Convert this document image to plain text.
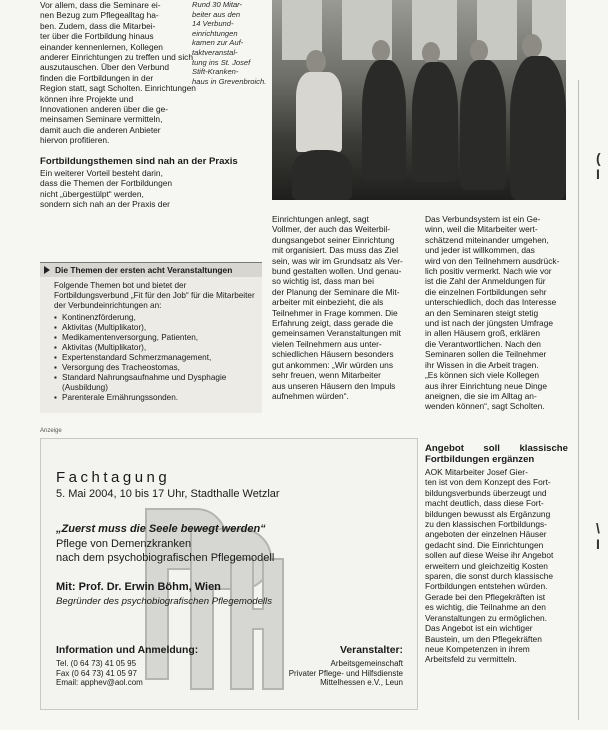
(
I
\
I
Vor allem, dass die Seminare ei-
nen Bezug zum Pflegealltag ha-
ben. Zudem, dass die Mitarbei-
ter über die Fortbildung hinaus
einander kennenlernen, Kollegen
anderer Einrichtungen zu treffen und sich
auszutauschen. Über den Verbund
finden die Fortbildungen in der
Region statt, sagt Scholten. Einrichtungen
können ihre Projekte und
Innovationen anderen über die ge-
meinsamen Seminare vermitteln,
damit auch die anderen Anbieter
hiervon profitieren.
Fortbildungsthemen sind nah an der Praxis
Ein weiterer Vorteil besteht darin,
dass die Themen der Fortbildungen
nicht „übergestülpt“ werden,
sondern sich nah an der Praxis der
Rund 30 Mitar-
beiter aus den
14 Verbund-
einrichtungen
kamen zur Auf-
taktveranstal-
tung ins St. Josef
Stift-Kranken-
haus in Grevenbroich.
Die Themen der ersten acht Veranstaltungen

Folgende Themen bot und bietet der Fortbildungsverbund „Fit für den Job“ für die Mitarbeiter der Verbundeinrichtungen an:

▪ Kontinenzförderung,
▪ Aktivitas (Multiplikator),
▪ Medikamentenversorgung, Patienten,
▪ Aktivitas (Multiplikator),
▪ Expertenstandard Schmerzmanagement,
▪ Versorgung des Tracheostomas,
▪ Standard Nahrungsaufnahme und Dysphagie (Ausbildung)
▪ Parenterale Ernährungssonden.
Einrichtungen anlegt, sagt
Vollmer, der auch das Weiterbil-
dungsangebot seiner Einrichtung
mit organisiert. Das muss das Ziel
sein, was wir im Grundsatz als Ver-
bund gestalten wollen. Und genau-
so wichtig ist, dass man bei
der Planung der Seminare die Mit-
arbeiter mit einbezieht, die als
Teilnehmer in Frage kommen. Die
Erfahrung zeigt, dass gerade die
gemeinsamen Veranstaltungen mit
vielen Teilnehmern aus unter-
schiedlichen Häusern besonders
gut ankommen: „Wir würden uns
sehr freuen, wenn Mitarbeiter
aus unseren Häusern den Impuls
aufnehmen würden“.
Das Verbundsystem ist ein Ge-
winn, weil die Mitarbeiter wert-
schätzend miteinander umgehen,
und jeder ist willkommen, das
wird von den Teilnehmern ausdrück-
lich positiv vermerkt. Nach wie vor
ist die Zahl der Anmeldungen für
die einzelnen Fortbildungen sehr
unterschiedlich, doch das Interesse
an den Seminaren steigt stetig
und ist nach der jüngsten Umfrage
in allen Häusern groß, erklären
die Verantwortlichen. Nach den
Seminaren sollen die Teilnehmer
ihr Wissen in die Arbeit tragen.
„Es können sich viele Kollegen
aus ihrer Einrichtung neue Dinge
aneignen, die sie im Alltag an-
wenden können“, sagt Scholten.
Angebot soll klassische Fortbildungen ergänzen
AOK Mitarbeiter Josef Gier-
ten ist von dem Konzept des Fort-
bildungsverbunds überzeugt und
macht deutlich, dass diese Fort-
bildungen bewusst als Ergänzung
zu den klassischen Fortbildungs-
angeboten der einzelnen Häuser
gedacht sind. Die Einrichtungen
sollen auf diese Weise ihr Angebot
erweitern und gleichzeitig Kosten
sparen, die sonst durch klassische
Fortbildungen entstehen würden.
Gerade bei den Pflegekräften ist
es wichtig, die Teilnahme an den
Veranstaltungen zu ermöglichen.
Das Angebot ist ein wichtiger
Baustein, um den Pflegekräften
neue Kompetenzen in ihrem
Arbeitsfeld zu vermitteln.
Anzeige
Fachtagung
5. Mai 2004, 10 bis 17 Uhr, Stadthalle Wetzlar
„Zuerst muss die Seele bewegt werden“
Pflege von Demenzkranken
nach dem psychobiografischen Pflegemodell
Mit: Prof. Dr. Erwin Böhm, Wien
Begründer des psychobiografischen Pflegemodells
Information und Anmeldung:
Tel. (0 64 73) 41 05 95
Fax (0 64 73) 41 05 97
Email: apphev@aol.com
Veranstalter:
Arbeitsgemeinschaft
Privater Pflege- und Hilfsdienste
Mittelhessen e.V., Leun
